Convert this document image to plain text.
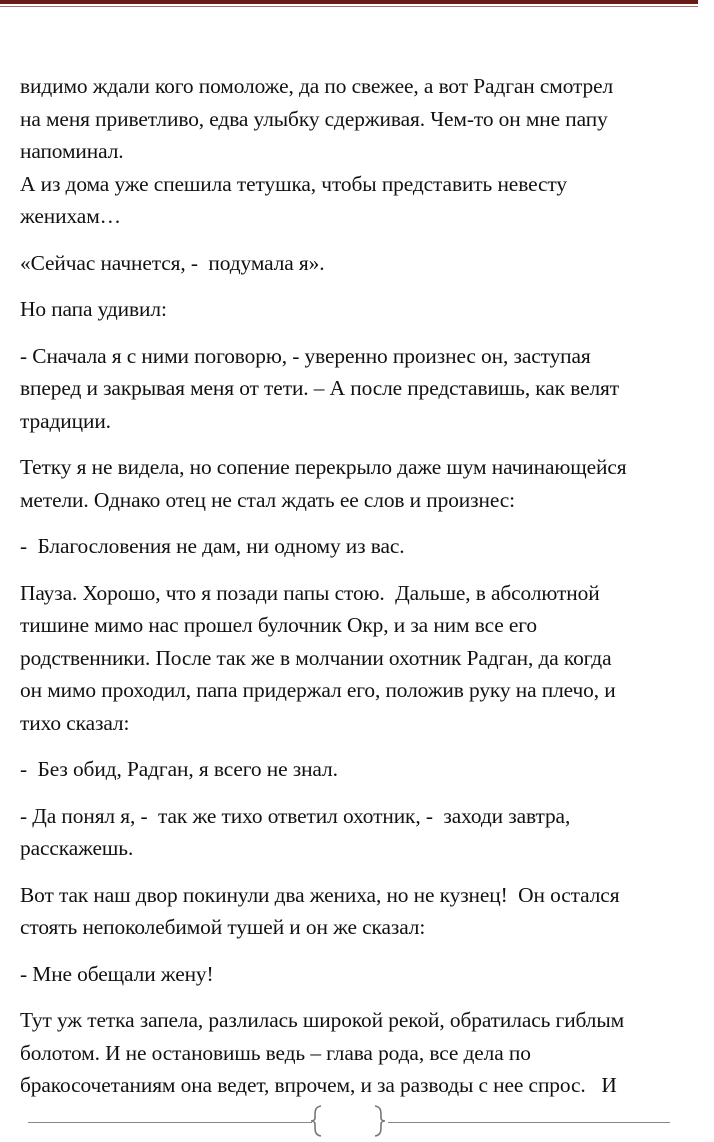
видимо ждали кого помоложе, да по свежее, а вот Радган смотрел
на меня приветливо, едва улыбку сдерживая. Чем-то он мне папу
напоминал.
А из дома уже спешила тетушка, чтобы представить невесту
женихам…
«Сейчас начнется, -  подумала я».
Но папа удивил:
- Сначала я с ними поговорю, - уверенно произнес он, заступая
вперед и закрывая меня от тети. – А после представишь, как велят
традиции.
Тетку я не видела, но сопение перекрыло даже шум начинающейся
метели. Однако отец не стал ждать ее слов и произнес:
-  Благословения не дам, ни одному из вас.
Пауза. Хорошо, что я позади папы стою.  Дальше, в абсолютной
тишине мимо нас прошел булочник Окр, и за ним все его
родственники. После так же в молчании охотник Радган, да когда
он мимо проходил, папа придержал его, положив руку на плечо, и
тихо сказал:
-  Без обид, Радган, я всего не знал.
- Да понял я, -  так же тихо ответил охотник, -  заходи завтра,
расскажешь.
Вот так наш двор покинули два жениха, но не кузнец!  Он остался
стоять непоколебимой тушей и он же сказал:
- Мне обещали жену!
Тут уж тетка запела, разлилась широкой рекой, обратилась гиблым
болотом. И не остановишь ведь – глава рода, все дела по
бракосочетаниям она ведет, впрочем, и за разводы с нее спрос.   И
